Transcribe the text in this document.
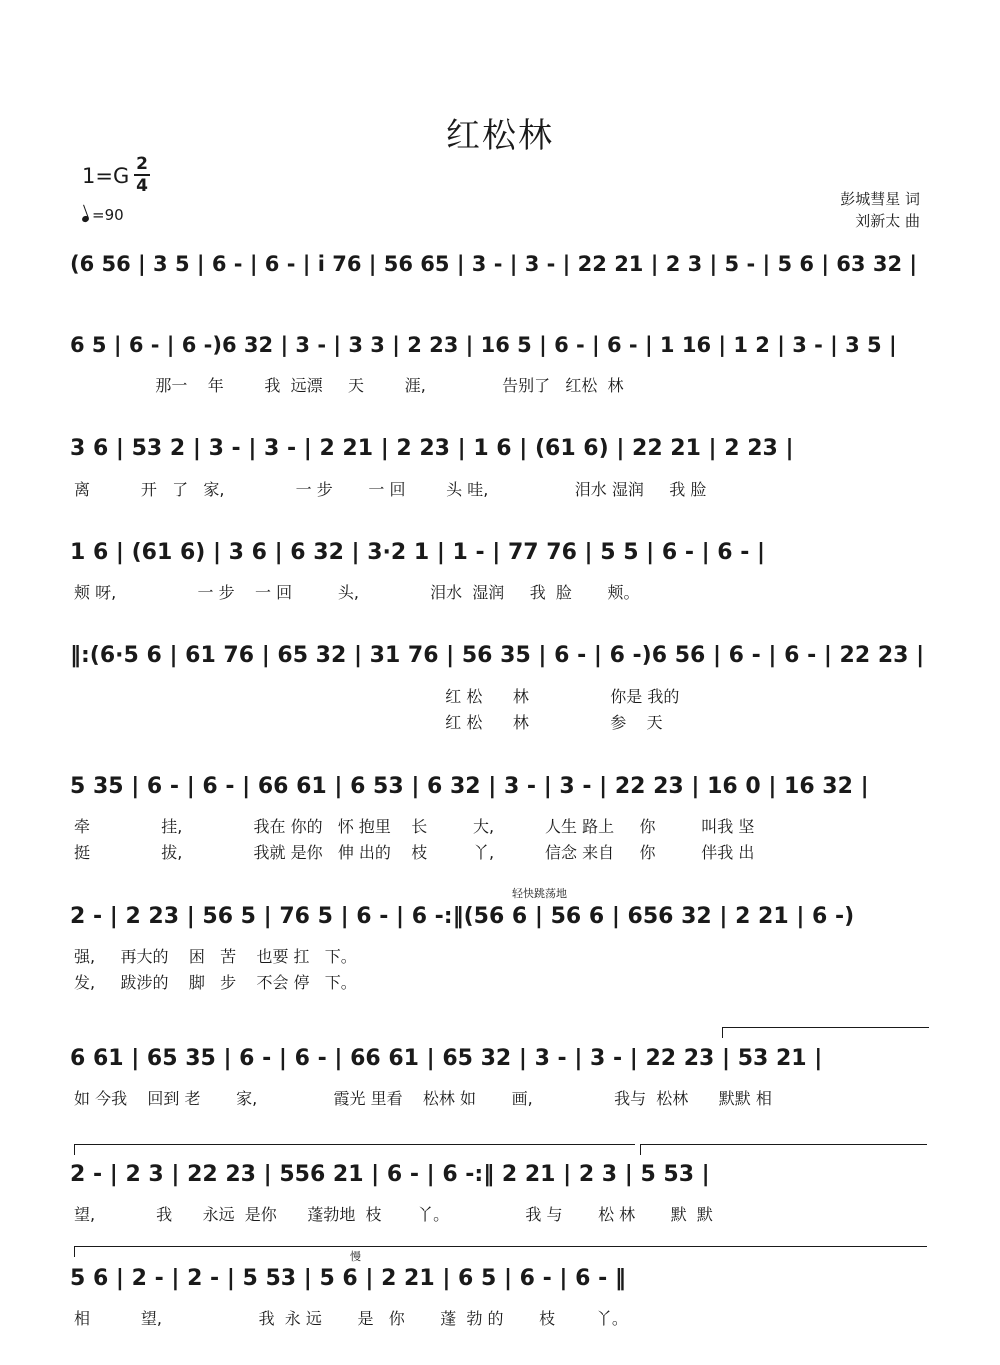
红松林
1=G 2
4
=90
彭城彗星 词
刘新太 曲
(6 56 | 3 5 | 6 - | 6 - | i 76 | 56 65 | 3 - | 3 - | 22 21 | 2 3 | 5 - | 5 6 | 63 32 |
6 5 | 6 - | 6 -)6 32 | 3 - | 3 3 | 2 23 | 16 5 | 6 - | 6 - | 1 16 | 1 2 | 3 - | 3 5 |
那一    年        我  远漂     天        涯,               告别了   红松  林
3 6 | 53 2 | 3 - | 3 - | 2 21 | 2 23 | 1 6 | (61 6) | 22 21 | 2 23 |
离          开   了   家,              一 步       一 回        头 哇,                 泪水 湿润     我 脸
1 6 | (61 6) | 3 6 | 6 32 | 3·2 1 | 1 - | 77 76 | 5 5 | 6 - | 6 - |
颊 呀,                一 步    一 回         头,              泪水  湿润     我  脸       颊。
‖:(6·5 6 | 61 76 | 65 32 | 31 76 | 56 35 | 6 - | 6 -)6 56 | 6 - | 6 - | 22 23 |
红 松      林                你是 我的
红 松      林                参    天
5 35 | 6 - | 6 - | 66 61 | 6 53 | 6 32 | 3 - | 3 - | 22 23 | 16 0 | 16 32 |
牵              挂,              我在 你的   怀 抱里    长         大,          人生 路上     你         叫我 坚
挺              拔,              我就 是你   伸 出的    枝         丫,          信念 来自     你         伴我 出
轻快跳荡地
2 - | 2 23 | 56 5 | 76 5 | 6 - | 6 -:‖(56 6 | 56 6 | 656 32 | 2 21 | 6 -)
强,     再大的    困   苦    也要 扛   下。
发,     跋涉的    脚   步    不会 停   下。
6 61 | 65 35 | 6 - | 6 - | 66 61 | 65 32 | 3 - | 3 - | 22 23 | 53 21 |
如 今我    回到 老       家,               霞光 里看    松林 如       画,                我与  松林      默默 相
2 - | 2 3 | 22 23 | 556 21 | 6 - | 6 -:‖ 2 21 | 2 3 | 5 53 |
望,            我      永远  是你      蓬勃地  枝       丫。               我 与       松 林       默  默
慢
5 6 | 2 - | 2 - | 5 53 | 5 6 | 2 21 | 6 5 | 6 - | 6 - ‖
相          望,                   我  永 远       是   你       蓬  勃 的       枝        丫。
